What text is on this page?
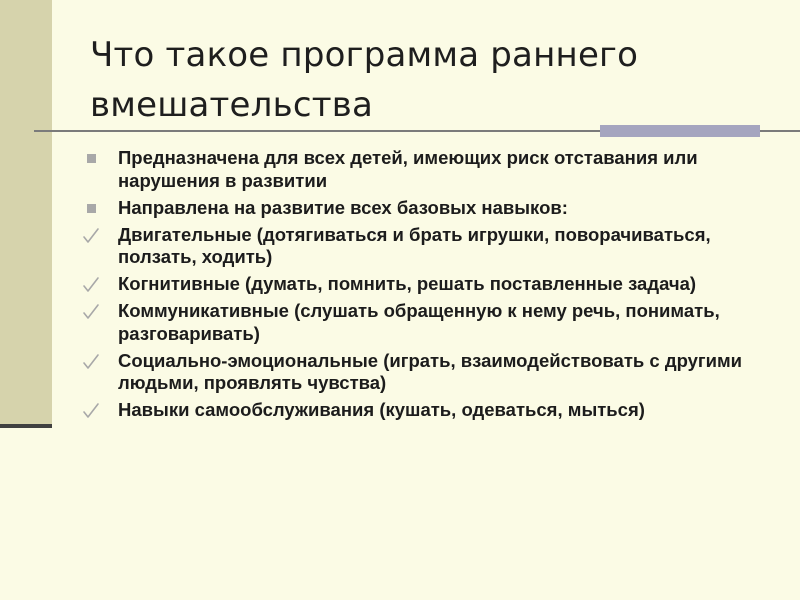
Что такое программа раннего вмешательства
Предназначена для всех детей, имеющих риск отставания или нарушения в развитии
Направлена на развитие всех базовых навыков:
Двигательные (дотягиваться и брать игрушки, поворачиваться, ползать, ходить)
Когнитивные (думать, помнить, решать поставленные задача)
Коммуникативные (слушать обращенную к нему речь, понимать, разговаривать)
Социально-эмоциональные (играть, взаимодействовать с другими людьми, проявлять чувства)
Навыки самообслуживания (кушать, одеваться, мыться)
